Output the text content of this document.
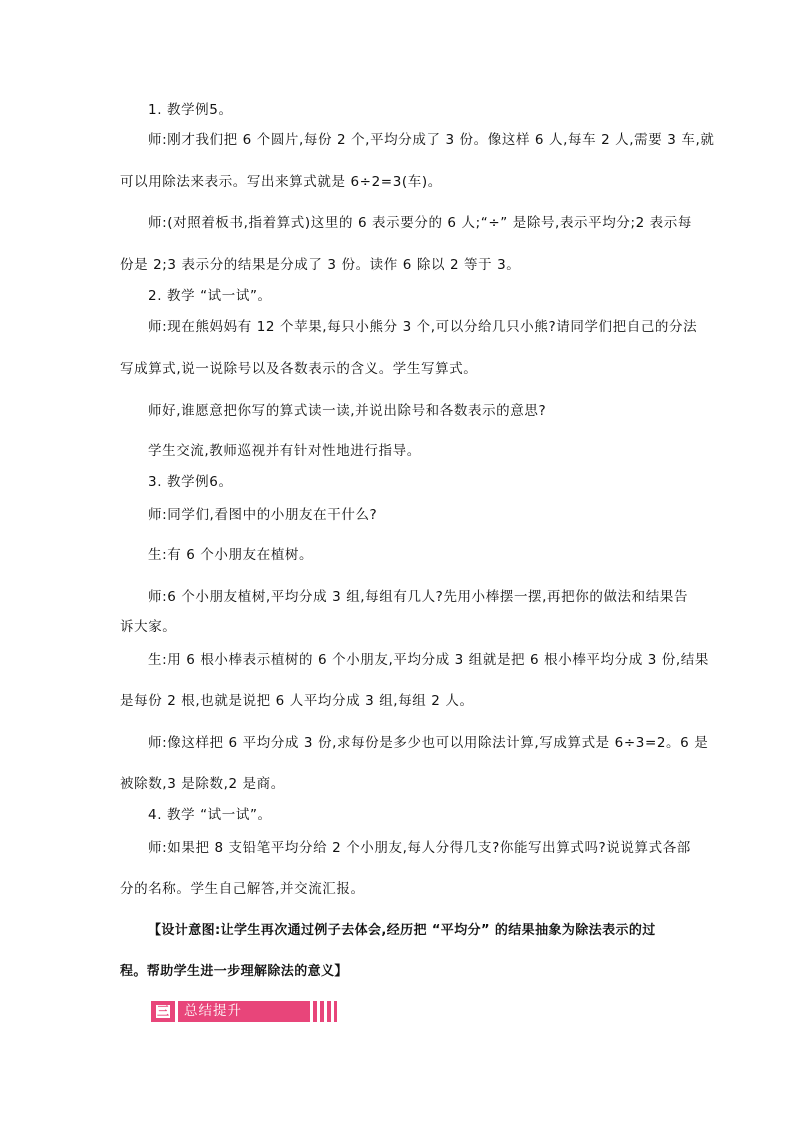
1. 教学例5。
师:刚才我们把 6 个圆片,每份 2 个,平均分成了 3 份。像这样 6 人,每车 2 人,需要 3 车,就
可以用除法来表示。写出来算式就是 6÷2=3(车)。
师:(对照着板书,指着算式)这里的 6 表示要分的 6 人;“÷” 是除号,表示平均分;2 表示每
份是 2;3 表示分的结果是分成了 3 份。读作 6 除以 2 等于 3。
2. 教学 “试一试”。
师:现在熊妈妈有 12 个苹果,每只小熊分 3 个,可以分给几只小熊?请同学们把自己的分法
写成算式,说一说除号以及各数表示的含义。学生写算式。
师好,谁愿意把你写的算式读一读,并说出除号和各数表示的意思?
学生交流,教师巡视并有针对性地进行指导。
3. 教学例6。
师:同学们,看图中的小朋友在干什么?
生:有 6 个小朋友在植树。
师:6 个小朋友植树,平均分成 3 组,每组有几人?先用小棒摆一摆,再把你的做法和结果告
诉大家。
生:用 6 根小棒表示植树的 6 个小朋友,平均分成 3 组就是把 6 根小棒平均分成 3 份,结果
是每份 2 根,也就是说把 6 人平均分成 3 组,每组 2 人。
师:像这样把 6 平均分成 3 份,求每份是多少也可以用除法计算,写成算式是 6÷3=2。6 是
被除数,3 是除数,2 是商。
4. 教学 “试一试”。
师:如果把 8 支铅笔平均分给 2 个小朋友,每人分得几支?你能写出算式吗?说说算式各部
分的名称。学生自己解答,并交流汇报。
【设计意图:让学生再次通过例子去体会,经历把 “平均分” 的结果抽象为除法表示的过
程。帮助学生进一步理解除法的意义】
三	总结提升
